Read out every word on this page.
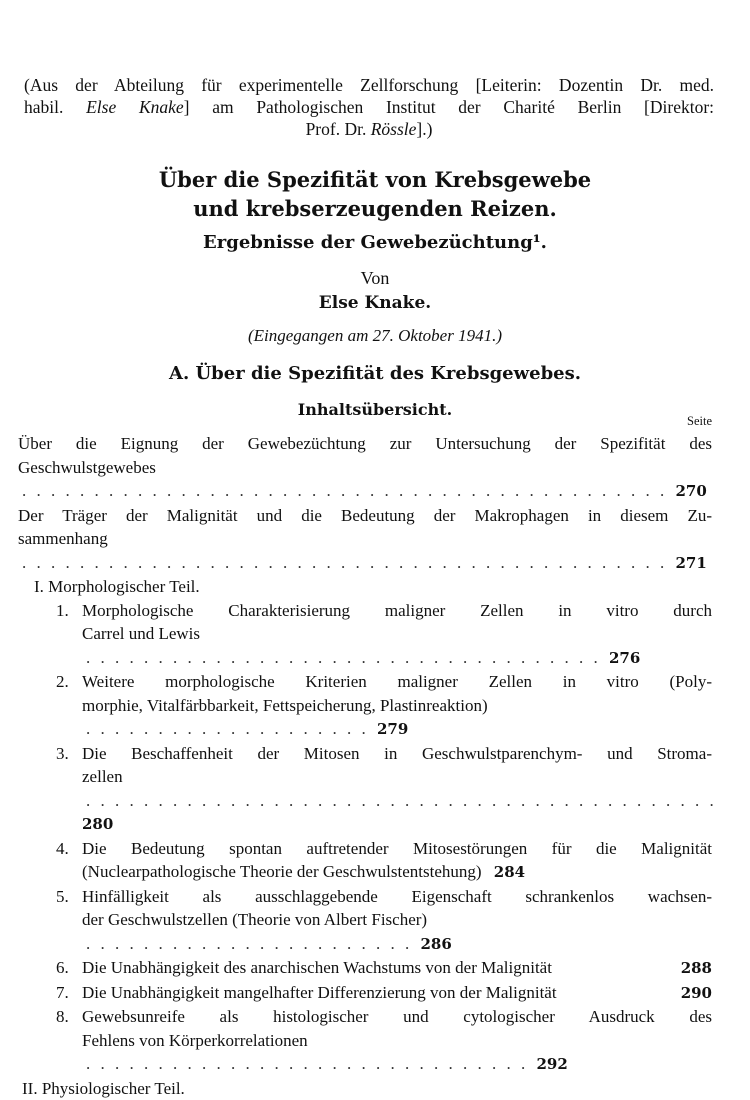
(Aus der Abteilung für experimentelle Zellforschung [Leiterin: Dozentin Dr. med.
habil. Else Knake] am Pathologischen Institut der Charité Berlin [Direktor:
Prof. Dr. Rössle].)
Über die Spezifität von Krebsgewebe
und krebserzeugenden Reizen.
Ergebnisse der Gewebezüchtung¹.
Von
Else Knake.
(Eingegangen am 27. Oktober 1941.)
A. Über die Spezifität des Krebsgewebes.
Inhaltsübersicht.
Seite
Über die Eignung der Gewebezüchtung zur Untersuchung der Spezifität des
Geschwulstgewebes . . . . . . . . . . . . . . . . . . . . . . . . . . . . . . . . . . . . . . . . . . . . . 270
Der Träger der Malignität und die Bedeutung der Makrophagen in diesem Zu-
sammenhang . . . . . . . . . . . . . . . . . . . . . . . . . . . . . . . . . . . . . . . . . . . . . 271
I. Morphologischer Teil.
1. Morphologische Charakterisierung maligner Zellen in vitro durch
Carrel und Lewis . . . . . . . . . . . . . . . . . . . . . . . . . . . . . . . . . . . . 276
2. Weitere morphologische Kriterien maligner Zellen in vitro (Poly-
morphie, Vitalfärbbarkeit, Fettspeicherung, Plastinreaktion) . . . . . . . . . . . . . . . . . . . . 279
3. Die Beschaffenheit der Mitosen in Geschwulstparenchym- und Stroma-
zellen . . . . . . . . . . . . . . . . . . . . . . . . . . . . . . . . . . . . . . . . . . . . 280
4. Die Bedeutung spontan auftretender Mitosestörungen für die Malignität
(Nuclearpathologische Theorie der Geschwulstentstehung) 284
5. Hinfälligkeit als ausschlaggebende Eigenschaft schrankenlos wachsen-
der Geschwulstzellen (Theorie von Albert Fischer) . . . . . . . . . . . . . . . . . . . . . . . 286
6. Die Unabhängigkeit des anarchischen Wachstums von der Malignität	288
7. Die Unabhängigkeit mangelhafter Differenzierung von der Malignität	290
8. Gewebsunreife als histologischer und cytologischer Ausdruck des
Fehlens von Körperkorrelationen . . . . . . . . . . . . . . . . . . . . . . . . . . . . . . . 292
II. Physiologischer Teil.
